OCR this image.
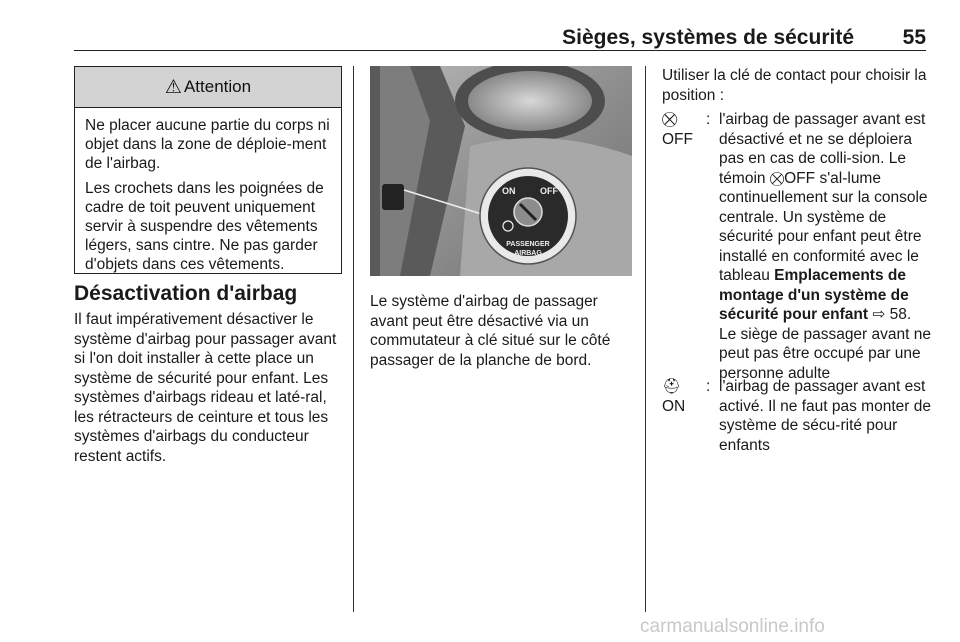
Sièges, systèmes de sécurité 55
⚠ Attention

Ne placer aucune partie du corps ni objet dans la zone de déploie-ment de l'airbag.

Les crochets dans les poignées de cadre de toit peuvent uniquement servir à suspendre des vêtements légers, sans cintre. Ne pas garder d'objets dans ces vêtements.

Désactivation d'airbag

Il faut impérativement désactiver le système d'airbag pour passager avant si l'on doit installer à cette place un système de sécurité pour enfant. Les systèmes d'airbags rideau et laté-ral, les rétracteurs de ceinture et tous les systèmes d'airbags du conducteur restent actifs.

ON	OFF
PASSENGER
AIRBAG

Le système d'airbag de passager avant peut être désactivé via un commutateur à clé situé sur le côté passager de la planche de bord.

Utiliser la clé de contact pour choisir la position :

⛒
OFF
: l'airbag de passager avant est désactivé et ne se déploiera pas en cas de colli-sion. Le témoin ⛒OFF s'al-lume continuellement sur la console centrale. Un système de sécurité pour enfant peut être installé en conformité avec le tableau Emplacements de montage d'un système de sécurité pour enfant ⇨ 58. Le siège de passager avant ne peut pas être occupé par une personne adulte
⛑
ON
: l'airbag de passager avant est activé. Il ne faut pas monter de système de sécu-rité pour enfants
carmanualsonline.info
